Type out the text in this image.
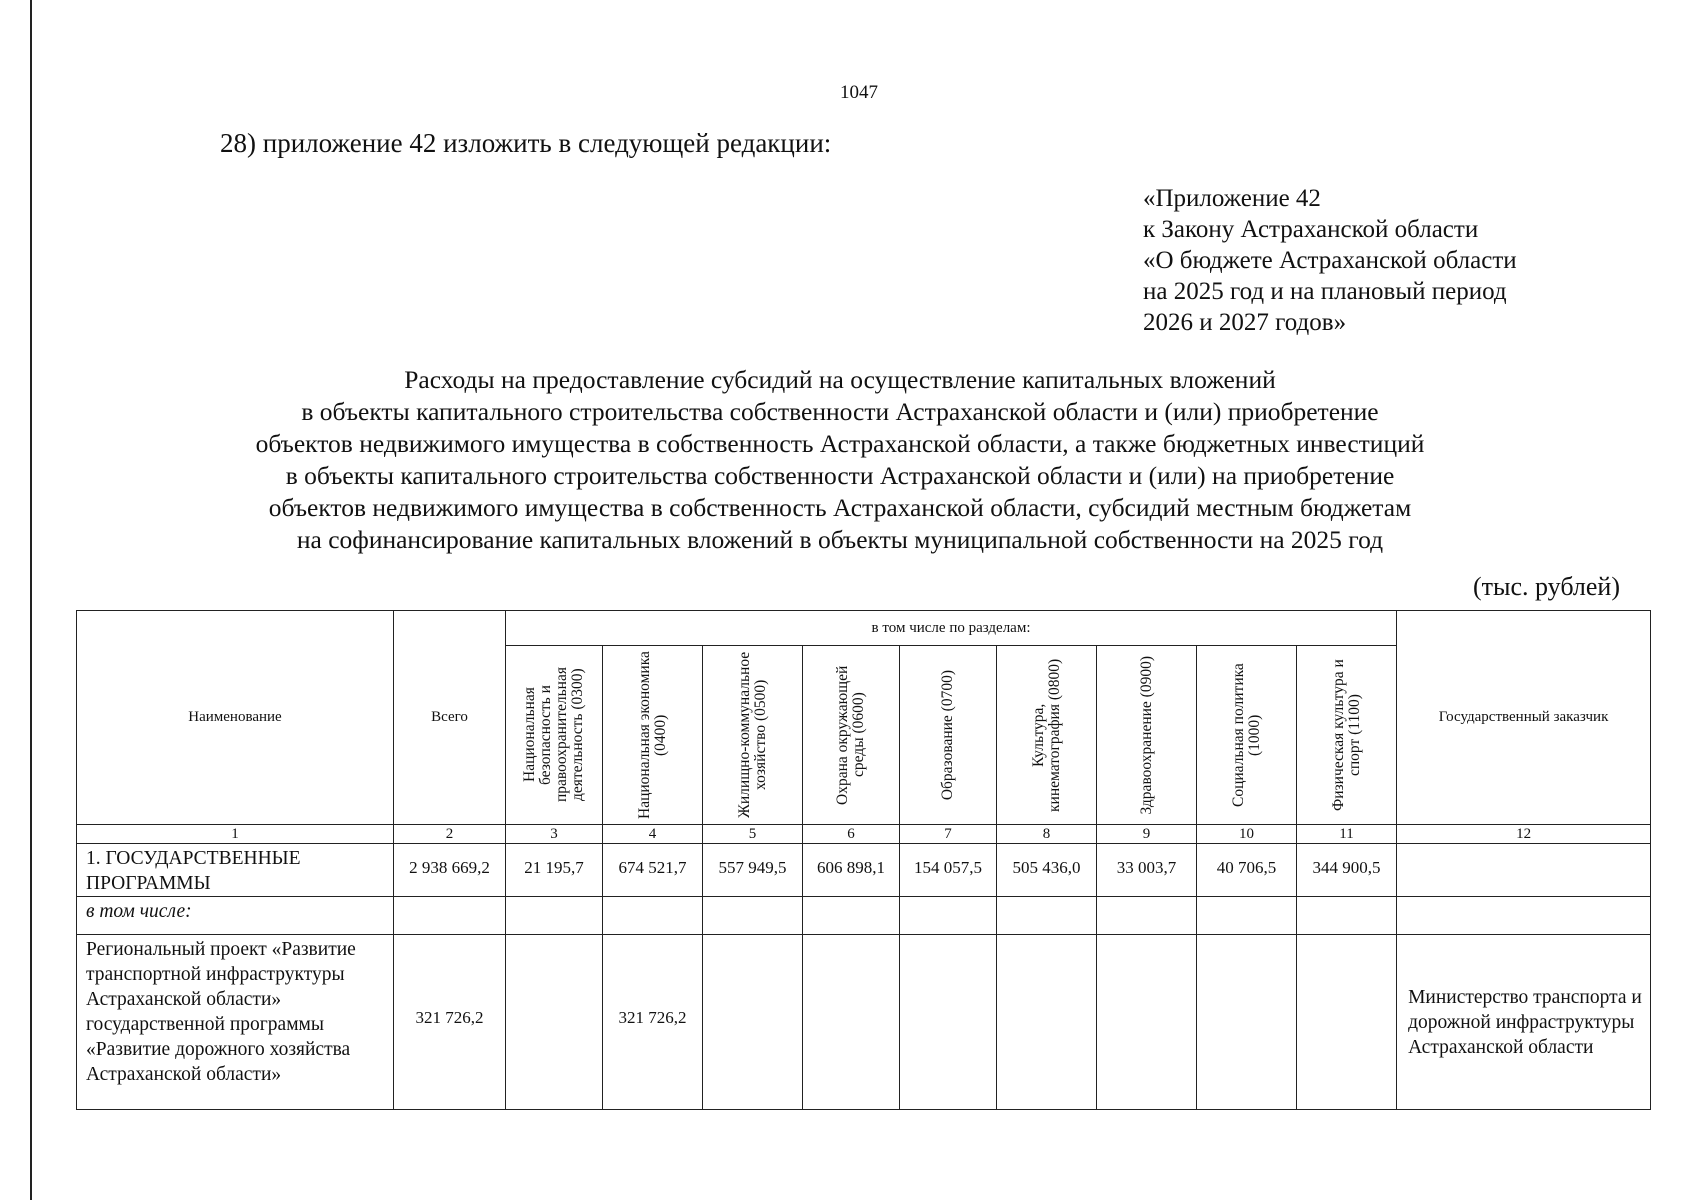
1047
28) приложение 42 изложить в следующей редакции:
«Приложение 42
к Закону Астраханской области
«О бюджете Астраханской области
на 2025 год и на плановый период
2026 и 2027 годов»
Расходы на предоставление субсидий на осуществление капитальных вложений
в объекты капитального строительства собственности Астраханской области и (или) приобретение
объектов недвижимого имущества в собственность Астраханской области, а также бюджетных инвестиций
в объекты капитального строительства собственности Астраханской области и (или) на приобретение
объектов недвижимого имущества в собственность Астраханской области, субсидий местным бюджетам
на софинансирование капитальных вложений в объекты муниципальной собственности на 2025 год
(тыс. рублей)
Наименование	Всего	в том числе по разделам:									Государственный заказчик

		Национальная безопасность и правоохранительная деятельность (0300)	Национальная экономика (0400)	Жилищно-коммунальное хозяйство (0500)	Охрана окружающей среды (0600)	Образование (0700)	Культура, кинематография (0800)	Здравоохранение (0900)	Социальная политика (1000)	Физическая культура и спорт (1100)	

1	2	3	4	5	6	7	8	9	10	11	12
1. ГОСУДАРСТВЕННЫЕ ПРОГРАММЫ	2 938 669,2	21 195,7	674 521,7	557 949,5	606 898,1	154 057,5	505 436,0	33 003,7	40 706,5	344 900,5	
в том числе:											
Региональный проект «Развитие транспортной инфраструктуры Астраханской области» государственной программы «Развитие дорожного хозяйства Астраханской области»	321 726,2		321 726,2								Министерство транспорта и дорожной инфраструктуры Астраханской области
